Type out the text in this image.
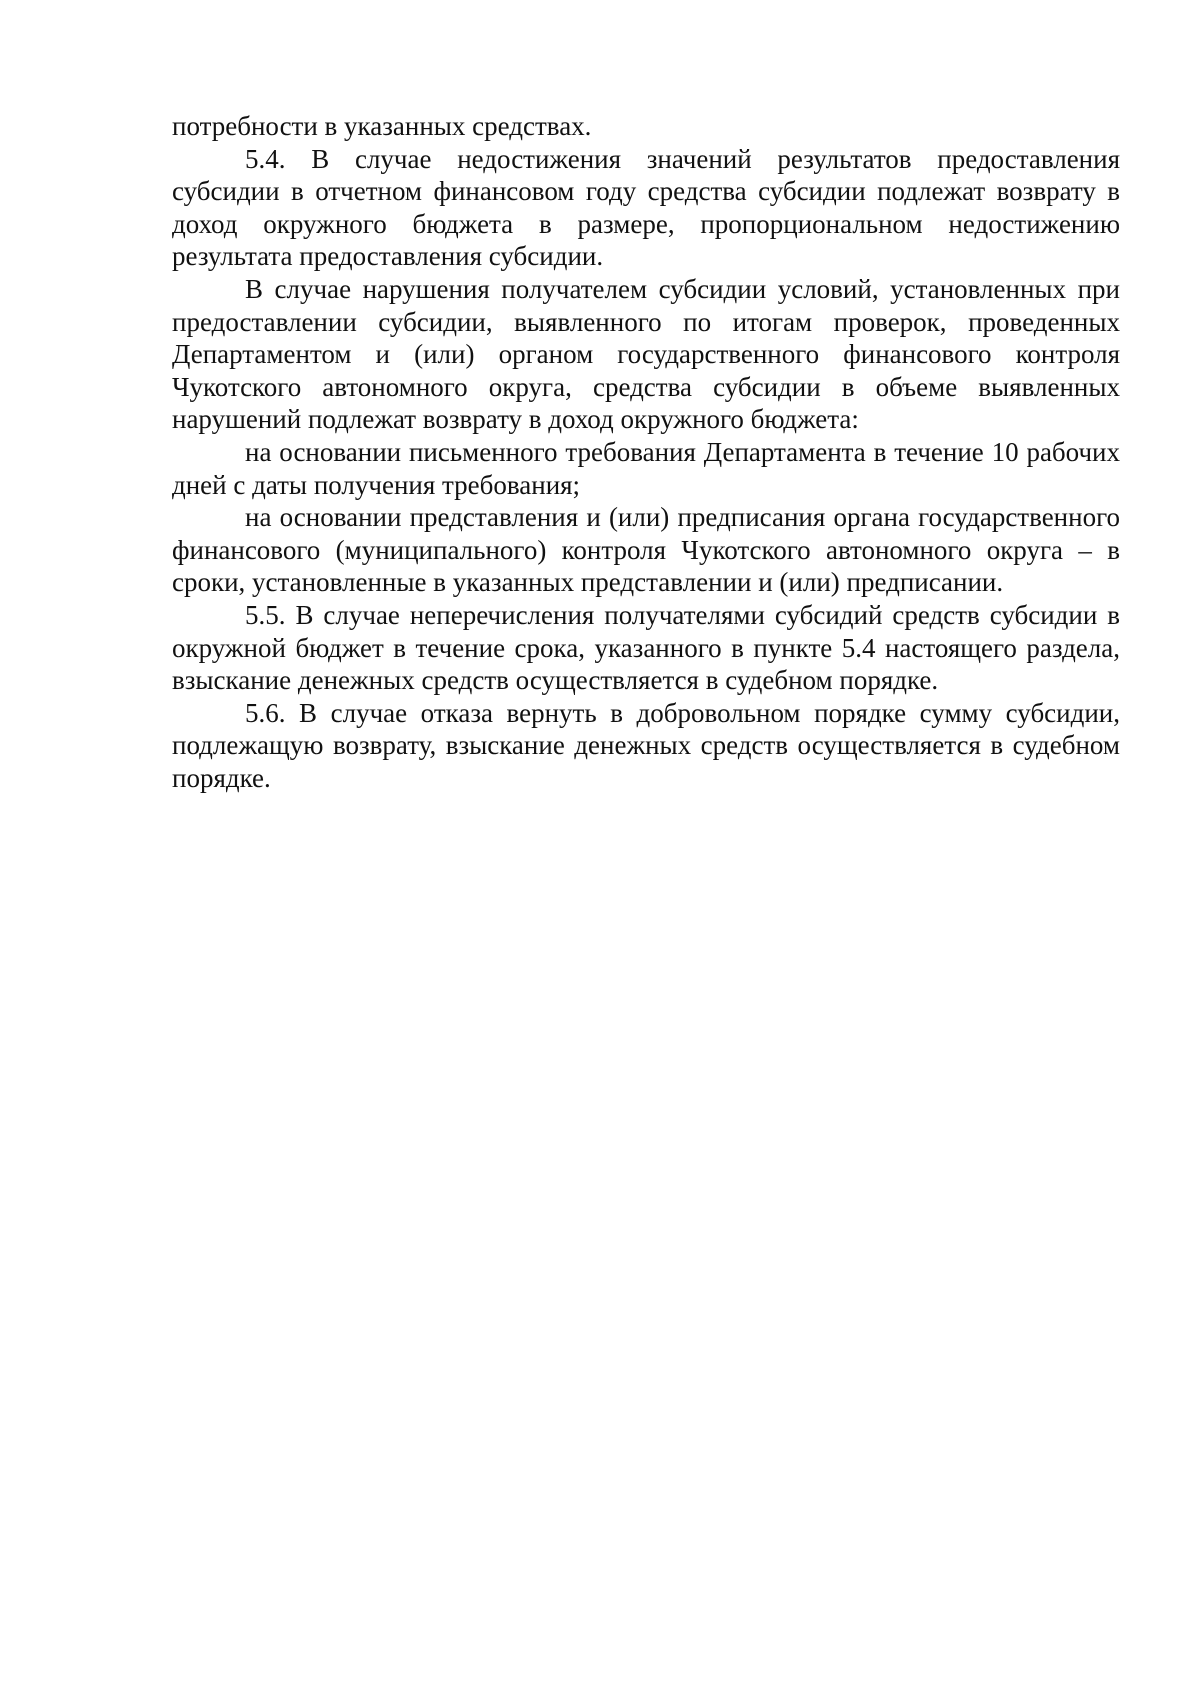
потребности в указанных средствах.

5.4. В случае недостижения значений результатов предоставления субсидии в отчетном финансовом году средства субсидии подлежат возврату в доход окружного бюджета в размере, пропорциональном недостижению результата предоставления субсидии.

В случае нарушения получателем субсидии условий, установленных при предоставлении субсидии, выявленного по итогам проверок, проведенных Департаментом и (или) органом государственного финансового контроля Чукотского автономного округа, средства субсидии в объеме выявленных нарушений подлежат возврату в доход окружного бюджета:

на основании письменного требования Департамента в течение 10 рабочих дней с даты получения требования;

на основании представления и (или) предписания органа государственного финансового (муниципального) контроля Чукотского автономного округа – в сроки, установленные в указанных представлении и (или) предписании.

5.5. В случае неперечисления получателями субсидий средств субсидии в окружной бюджет в течение срока, указанного в пункте 5.4 настоящего раздела, взыскание денежных средств осуществляется в судебном порядке.

5.6. В случае отказа вернуть в добровольном порядке сумму субсидии, подлежащую возврату, взыскание денежных средств осуществляется в судебном порядке.
